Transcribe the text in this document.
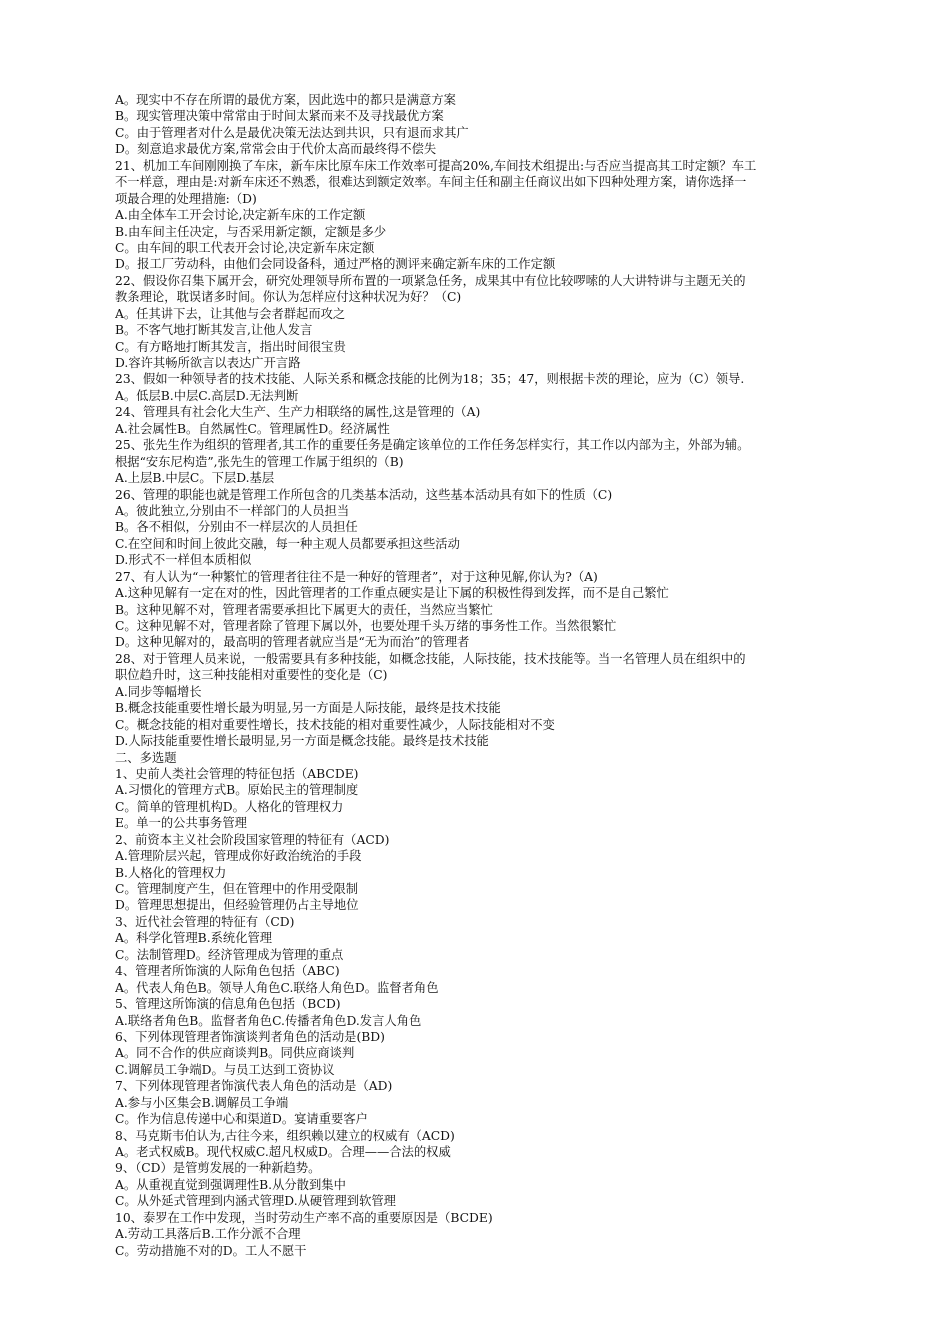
A。现实中不存在所谓的最优方案，因此选中的都只是满意方案
B。现实管理决策中常常由于时间太紧而来不及寻找最优方案
C。由于管理者对什么是最优决策无法达到共识，只有退而求其广
D。刻意追求最优方案,常常会由于代价太高而最终得不偿失
21、机加工车间刚刚换了车床，新车床比原车床工作效率可提高20%,车间技术组提出:与否应当提高其工时定额？车工
不一样意，理由是:对新车床还不熟悉，很难达到额定效率。车间主任和副主任商议出如下四种处理方案，请你选择一
项最合理的处理措施:（D)
A.由全体车工开会讨论,决定新车床的工作定额
B.由车间主任决定，与否采用新定额，定额是多少
C。由车间的职工代表开会讨论,决定新车床定额
D。报工厂劳动科，由他们会同设备科，通过严格的测评来确定新车床的工作定额
22、假设你召集下属开会，研究处理领导所布置的一项紧急任务，成果其中有位比较啰嗦的人大讲特讲与主题无关的
教条理论，耽误诸多时间。你认为怎样应付这种状况为好？（C)
A。任其讲下去，让其他与会者群起而攻之
B。不客气地打断其发言,让他人发言
C。有方略地打断其发言，指出时间很宝贵
D.容许其畅所欲言以表达广开言路
23、假如一种领导者的技术技能、人际关系和概念技能的比例为18；35；47，则根据卡茨的理论，应为（C）领导.
A。低层B.中层C.高层D.无法判断
24、管理具有社会化大生产、生产力相联络的属性,这是管理的（A)
A.社会属性B。自然属性C。管理属性D。经济属性
25、张先生作为组织的管理者,其工作的重要任务是确定该单位的工作任务怎样实行，其工作以内部为主，外部为辅。
根据“安东尼构造”,张先生的管理工作属于组织的（B)
A.上层B.中层C。下层D.基层
26、管理的职能也就是管理工作所包含的几类基本活动，这些基本活动具有如下的性质（C)
A。彼此独立,分别由不一样部门的人员担当
B。各不相似，分别由不一样层次的人员担任
C.在空间和时间上彼此交融，每一种主观人员都要承担这些活动
D.形式不一样但本质相似
27、有人认为“一种繁忙的管理者往往不是一种好的管理者”，对于这种见解,你认为?（A)
A.这种见解有一定在对的性，因此管理者的工作重点硬实是让下属的积极性得到发挥，而不是自己繁忙
B。这种见解不对，管理者需要承担比下属更大的责任，当然应当繁忙
C。这种见解不对，管理者除了管理下属以外，也要处理千头万绪的事务性工作。当然很繁忙
D。这种见解对的，最高明的管理者就应当是“无为而治”的管理者
28、对于管理人员来说，一般需要具有多种技能，如概念技能，人际技能，技术技能等。当一名管理人员在组织中的
职位趋升时，这三种技能相对重要性的变化是（C)
A.同步等幅增长
B.概念技能重要性增长最为明显,另一方面是人际技能，最终是技术技能
C。概念技能的相对重要性增长，技术技能的相对重要性减少，人际技能相对不变
D.人际技能重要性增长最明显,另一方面是概念技能。最终是技术技能
二、多选题
1、史前人类社会管理的特征包括（ABCDE)
A.习惯化的管理方式B。原始民主的管理制度
C。简单的管理机构D。人格化的管理权力
E。单一的公共事务管理
2、前资本主义社会阶段国家管理的特征有（ACD)
A.管理阶层兴起，管理成你好政治统治的手段
B.人格化的管理权力
C。管理制度产生，但在管理中的作用受限制
D。管理思想提出，但经验管理仍占主导地位
3、近代社会管理的特征有（CD)
A。科学化管理B.系统化管理
C。法制管理D。经济管理成为管理的重点
4、管理者所饰演的人际角色包括（ABC)
A。代表人角色B。领导人角色C.联络人角色D。监督者角色
5、管理这所饰演的信息角色包括（BCD)
A.联络者角色B。监督者角色C.传播者角色D.发言人角色
6、下列体现管理者饰演谈判者角色的活动是(BD)
A。同不合作的供应商谈判B。同供应商谈判
C.调解员工争端D。与员工达到工资协议
7、下列体现管理者饰演代表人角色的活动是（AD)
A.参与小区集会B.调解员工争端
C。作为信息传递中心和渠道D。宴请重要客户
8、马克斯韦伯认为,古往今来，组织赖以建立的权威有（ACD)
A。老式权威B。现代权威C.超凡权威D。合理——合法的权威
9、（CD）是管剪发展的一种新趋势。
A。从重视直觉到强调理性B.从分散到集中
C。从外延式管理到内涵式管理D.从硬管理到软管理
10、泰罗在工作中发现，当时劳动生产率不高的重要原因是（BCDE)
A.劳动工具落后B.工作分派不合理
C。劳动措施不对的D。工人不愿干
